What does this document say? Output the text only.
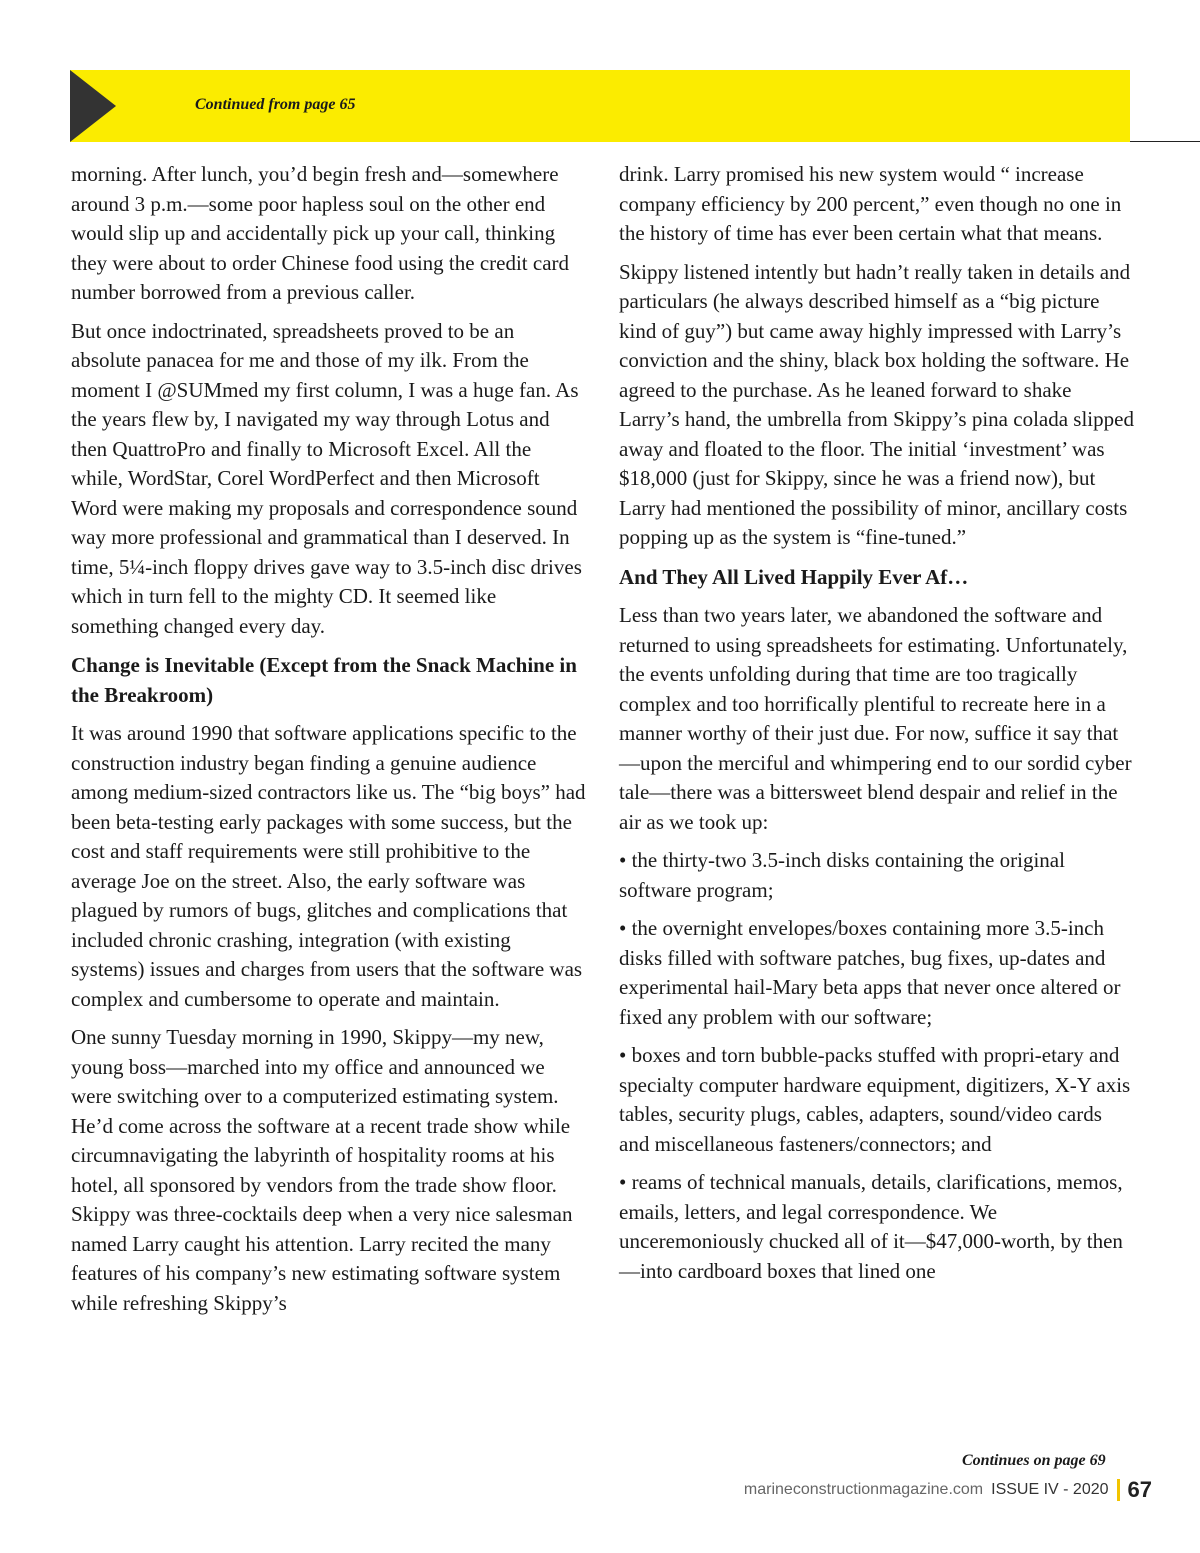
Continued from page 65

morning. After lunch, you’d begin fresh and—somewhere around 3 p.m.—some poor hapless soul on the other end would slip up and accidentally pick up your call, thinking they were about to order Chinese food using the credit card number borrowed from a previous caller.

But once indoctrinated, spreadsheets proved to be an absolute panacea for me and those of my ilk. From the moment I @SUMmed my first column, I was a huge fan. As the years flew by, I navigated my way through Lotus and then QuattroPro and finally to Microsoft Excel. All the while, WordStar, Corel WordPerfect and then Microsoft Word were making my proposals and correspondence sound way more professional and grammatical than I deserved. In time, 5¼-inch floppy drives gave way to 3.5-inch disc drives which in turn fell to the mighty CD. It seemed like something changed every day.

Change is Inevitable (Except from the Snack Machine in the Breakroom)

It was around 1990 that software applications specific to the construction industry began finding a genuine audience among medium-sized contractors like us. The “big boys” had been beta-testing early packages with some success, but the cost and staff requirements were still prohibitive to the average Joe on the street. Also, the early software was plagued by rumors of bugs, glitches and complications that included chronic crashing, integration (with existing systems) issues and charges from users that the software was complex and cumbersome to operate and maintain.

One sunny Tuesday morning in 1990, Skippy—my new, young boss—marched into my office and announced we were switching over to a computerized estimating system. He’d come across the software at a recent trade show while circumnavigating the labyrinth of hospitality rooms at his hotel, all sponsored by vendors from the trade show floor. Skippy was three-cocktails deep when a very nice salesman named Larry caught his attention. Larry recited the many features of his company’s new estimating software system while refreshing Skippy’s

drink. Larry promised his new system would “ increase company efficiency by 200 percent,” even though no one in the history of time has ever been certain what that means.

Skippy listened intently but hadn’t really taken in details and particulars (he always described himself as a “big picture kind of guy”) but came away highly impressed with Larry’s conviction and the shiny, black box holding the software. He agreed to the purchase. As he leaned forward to shake Larry’s hand, the umbrella from Skippy’s pina colada slipped away and floated to the floor. The initial ‘investment’ was $18,000 (just for Skippy, since he was a friend now), but Larry had mentioned the possibility of minor, ancillary costs popping up as the system is “fine-tuned.”

And They All Lived Happily Ever Af…

Less than two years later, we abandoned the software and returned to using spreadsheets for estimating. Unfortunately, the events unfolding during that time are too tragically complex and too horrifically plentiful to recreate here in a manner worthy of their just due. For now, suffice it say that—upon the merciful and whimpering end to our sordid cyber tale—there was a bittersweet blend despair and relief in the air as we took up:

• the thirty-two 3.5-inch disks containing the original software program;

• the overnight envelopes/boxes containing more 3.5-inch disks filled with software patches, bug fixes, up-dates and experimental hail-Mary beta apps that never once altered or fixed any problem with our software;

• boxes and torn bubble-packs stuffed with propri-etary and specialty computer hardware equipment, digitizers, X-Y axis tables, security plugs, cables, adapters, sound/video cards and miscellaneous fasteners/connectors; and

• reams of technical manuals, details, clarifications, memos, emails, letters, and legal correspondence. We unceremoniously chucked all of it—$47,000-worth, by then—into cardboard boxes that lined one

Continues on page 69
marineconstructionmagazine.com ISSUE IV - 2020 67
